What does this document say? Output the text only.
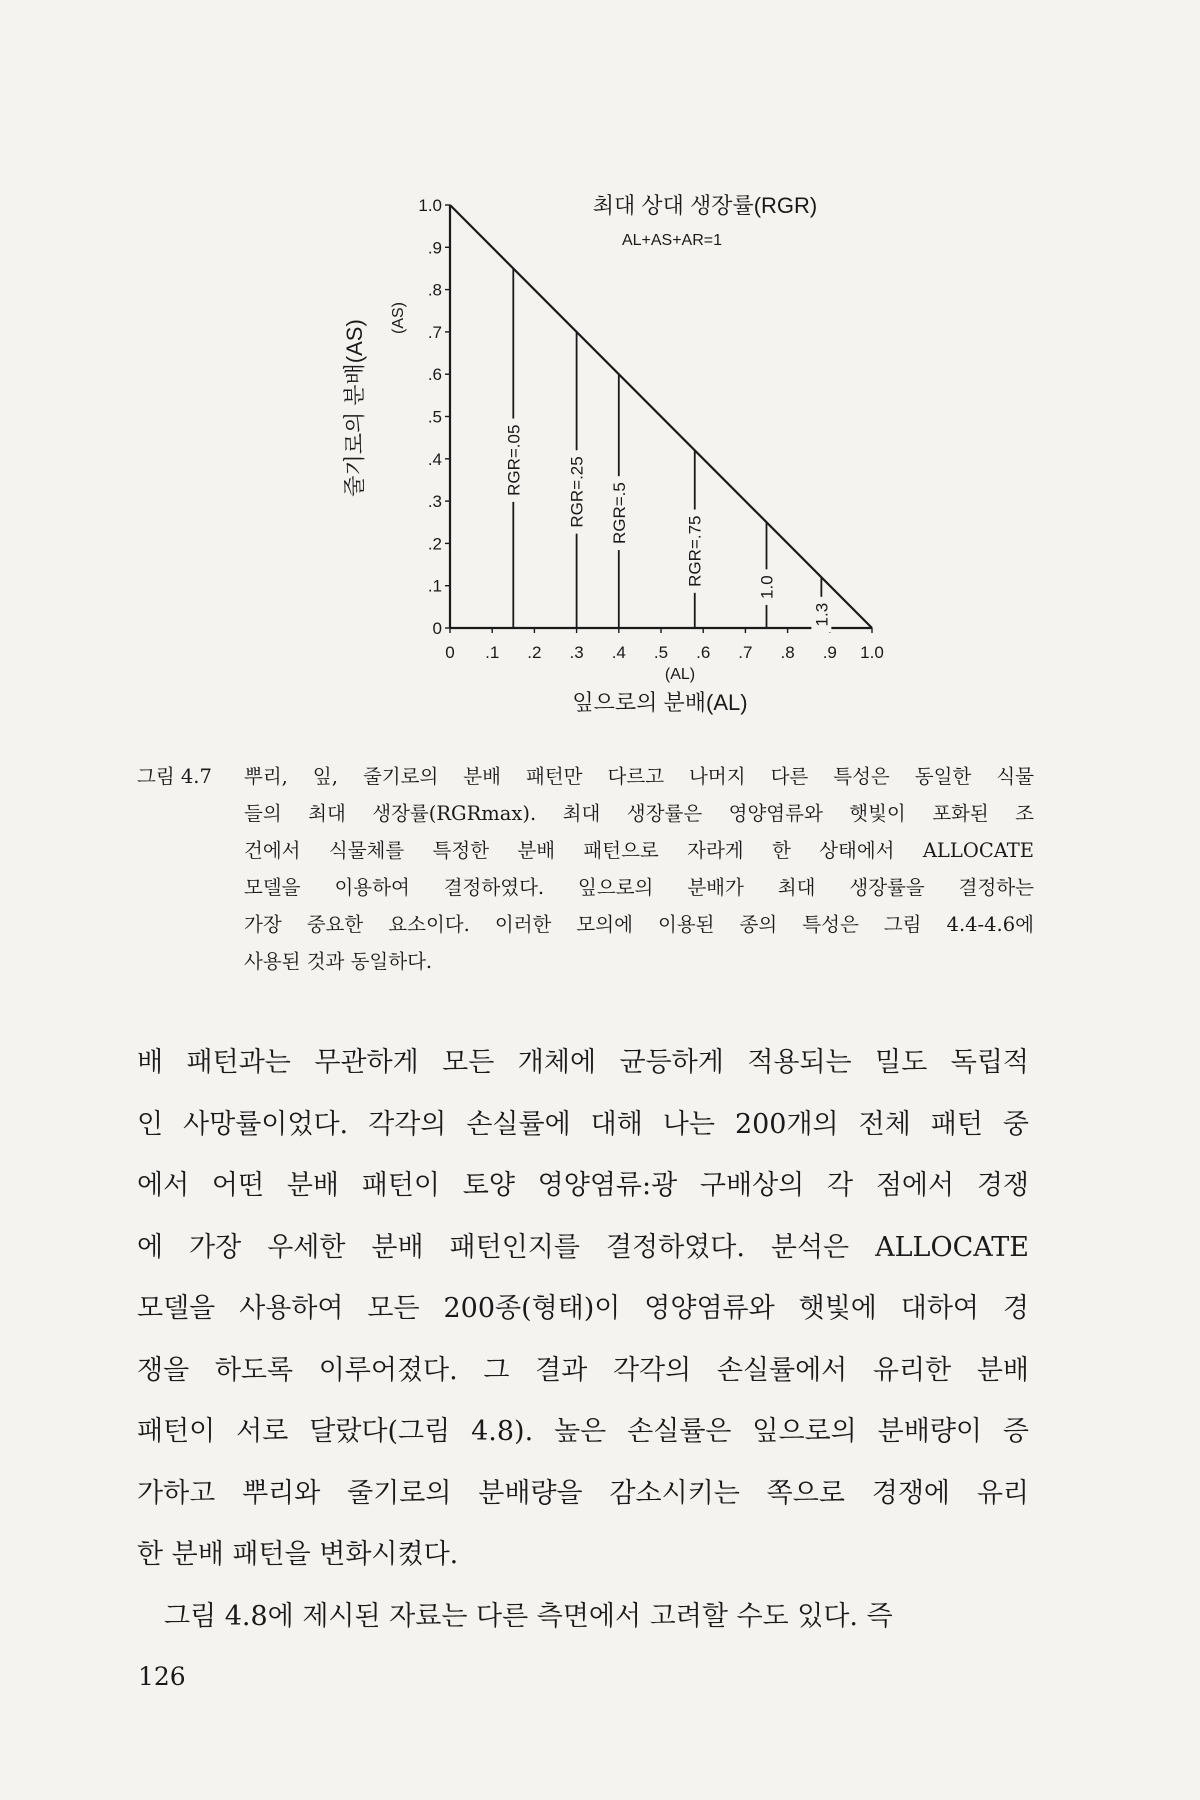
0 .1 .2 .3 .4 .5 .6 .7 .8 .9 1.0
0
.1
.2
.3
.4
.5
.6
.7
.8
.9
1.0
RGR=.05	RGR=.25 RGR=.5
RGR=.75
1.0
1.3
최대 상대 생장률(RGR)
AL+AS+AR=1
잎으로의 분배(AL)
(AL)
줄기로의 분배(AS)
(AS)
그림 4.7	뿌리, 잎, 줄기로의 분배 패턴만 다르고 나머지 다른 특성은 동일한 식물
들의 최대 생장률(RGRmax). 최대 생장률은 영양염류와 햇빛이 포화된 조
건에서 식물체를 특정한 분배 패턴으로 자라게 한 상태에서 ALLOCATE
모델을 이용하여 결정하였다. 잎으로의 분배가 최대 생장률을 결정하는
가장 중요한 요소이다. 이러한 모의에 이용된 종의 특성은 그림 4.4-4.6에
사용된 것과 동일하다.
배 패턴과는 무관하게 모든 개체에 균등하게 적용되는 밀도 독립적
인 사망률이었다. 각각의 손실률에 대해 나는 200개의 전체 패턴 중
에서 어떤 분배 패턴이 토양 영양염류:광 구배상의 각 점에서 경쟁
에 가장 우세한 분배 패턴인지를 결정하였다. 분석은 ALLOCATE
모델을 사용하여 모든 200종(형태)이 영양염류와 햇빛에 대하여 경
쟁을 하도록 이루어졌다. 그 결과 각각의 손실률에서 유리한 분배
패턴이 서로 달랐다(그림 4.8). 높은 손실률은 잎으로의 분배량이 증
가하고 뿌리와 줄기로의 분배량을 감소시키는 쪽으로 경쟁에 유리
한 분배 패턴을 변화시켰다.
그림 4.8에 제시된 자료는 다른 측면에서 고려할 수도 있다. 즉
126
